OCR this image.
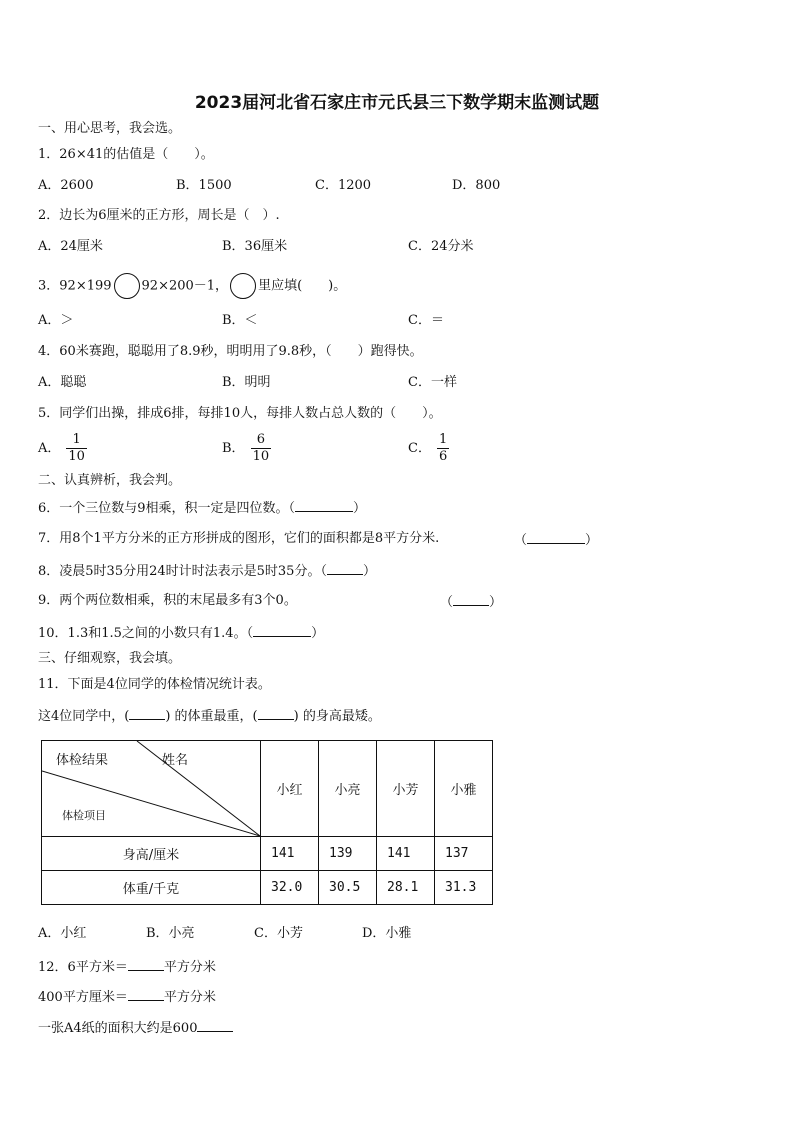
2023届河北省石家庄市元氏县三下数学期末监测试题
一、用心思考，我会选。
1．26×41的估值是（　　）。
A．2600	B．1500	C．1200	D．800
2．边长为6厘米的正方形，周长是（　）.
A．24厘米	B．36厘米	C．24分米
3．92×199 92×200－1， 里应填(　　)。
A．＞	B．＜	C．＝
4．60米赛跑，聪聪用了8.9秒，明明用了9.8秒，（　　）跑得快。
A．聪聪	B．明明	C．一样
5．同学们出操，排成6排，每排10人，每排人数占总人数的（　　）。
A． $\frac{1}{10}$	B． $\frac{6}{10}$	C． $\frac{1}{6}$
二、认真辨析，我会判。
6．一个三位数与9相乘，积一定是四位数。（	）
7．用8个1平方分米的正方形拼成的图形，它们的面积都是8平方分米.	（	）
8．凌晨5时35分用24时计时法表示是5时35分。（	）
9．两个两位数相乘，积的末尾最多有3个0。	（	）
10．1.3和1.5之间的小数只有1.4。（	）
三、仔细观察，我会填。
11．下面是4位同学的体检情况统计表。
这4位同学中，(	) 的体重最重，(	) 的身高最矮。
体检结果 姓名
体检项目	小红	小亮	小芳	小雅
身高/厘米	141	139	141	137
体重/千克	32.0	30.5	28.1	31.3
A．小红	B．小亮	C．小芳	D．小雅
12．6平方米＝	平方分米
400平方厘米＝	平方分米
一张A4纸的面积大约是600
